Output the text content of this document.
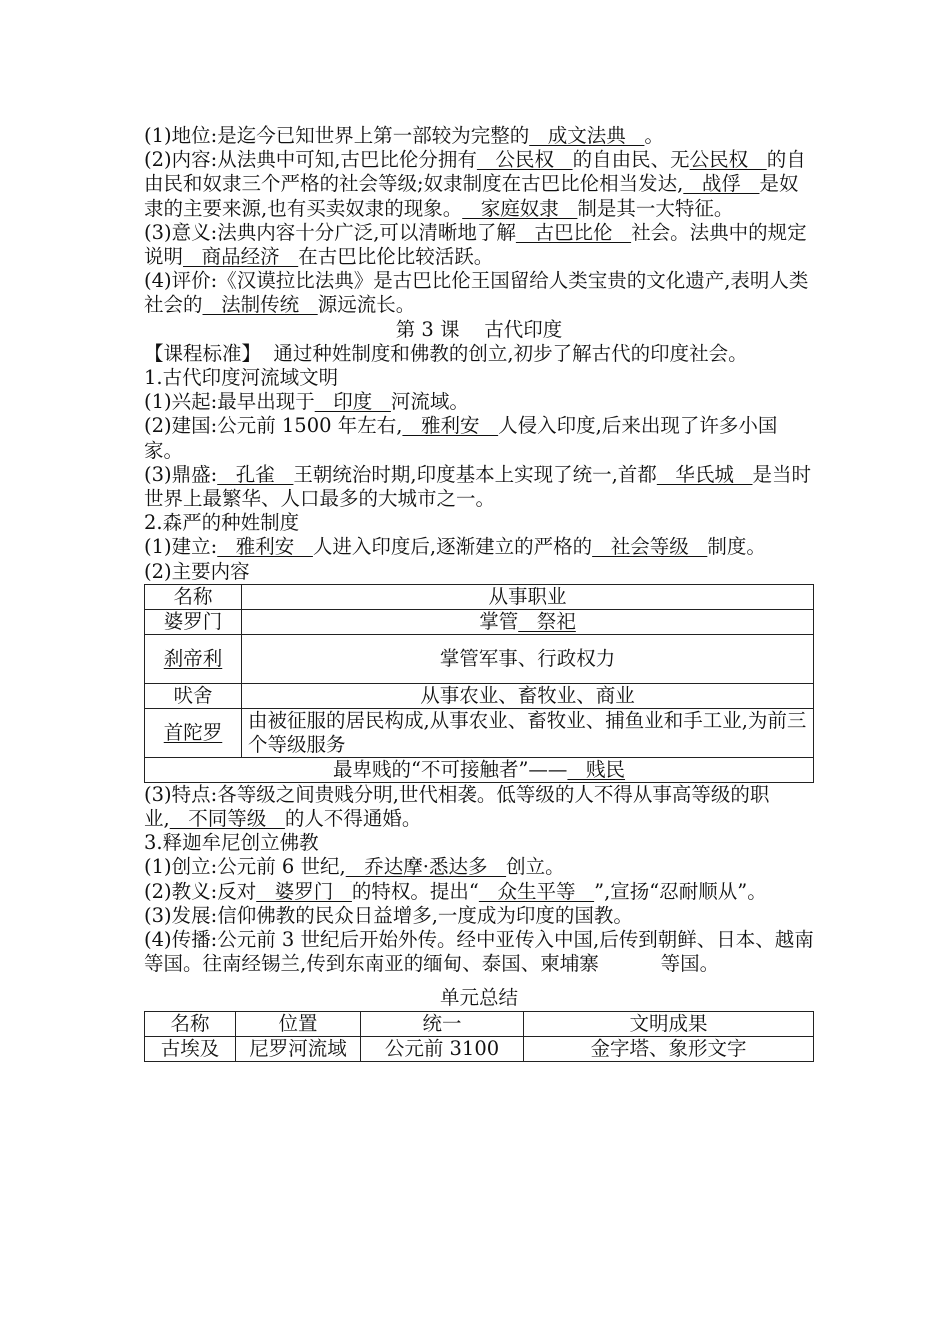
(1)地位:是迄今已知世界上第一部较为完整的   成文法典   。

(2)内容:从法典中可知,古巴比伦分拥有   公民权   的自由民、无公民权   的自由民和奴隶三个严格的社会等级;奴隶制度在古巴比伦相当发达,   战俘   是奴隶的主要来源,也有买卖奴隶的现象。   家庭奴隶   制是其一大特征。

(3)意义:法典内容十分广泛,可以清晰地了解   古巴比伦   社会。法典中的规定说明   商品经济   在古巴比伦比较活跃。

(4)评价:《汉谟拉比法典》是古巴比伦王国留给人类宝贵的文化遗产,表明人类社会的   法制传统   源远流长。

第 3 课    古代印度

【课程标准】  通过种姓制度和佛教的创立,初步了解古代的印度社会。

1.古代印度河流域文明

(1)兴起:最早出现于   印度   河流域。

(2)建国:公元前 1500 年左右,   雅利安   人侵入印度,后来出现了许多小国家。

(3)鼎盛:   孔雀   王朝统治时期,印度基本上实现了统一,首都   华氏城   是当时世界上最繁华、人口最多的大城市之一。

2.森严的种姓制度

(1)建立:   雅利安   人进入印度后,逐渐建立的严格的   社会等级   制度。

(2)主要内容

名称	从事职业
婆罗门	掌管   祭祀
刹帝利	掌管军事、行政权力
吠舍	从事农业、畜牧业、商业
首陀罗	由被征服的居民构成,从事农业、畜牧业、捕鱼业和手工业,为前三个等级服务
最卑贱的“不可接触者”——   贱民	

(3)特点:各等级之间贵贱分明,世代相袭。低等级的人不得从事高等级的职业,   不同等级   的人不得通婚。

3.释迦牟尼创立佛教

(1)创立:公元前 6 世纪,   乔达摩·悉达多   创立。

(2)教义:反对   婆罗门   的特权。提出“   众生平等   ”,宣扬“忍耐顺从”。

(3)发展:信仰佛教的民众日益增多,一度成为印度的国教。

(4)传播:公元前 3 世纪后开始外传。经中亚传入中国,后传到朝鲜、日本、越南等国。往南经锡兰,传到东南亚的缅甸、泰国、柬埔寨          等国。

单元总结

名称	位置	统一	文明成果
古埃及	尼罗河流域	公元前 3100	金字塔、象形文字
